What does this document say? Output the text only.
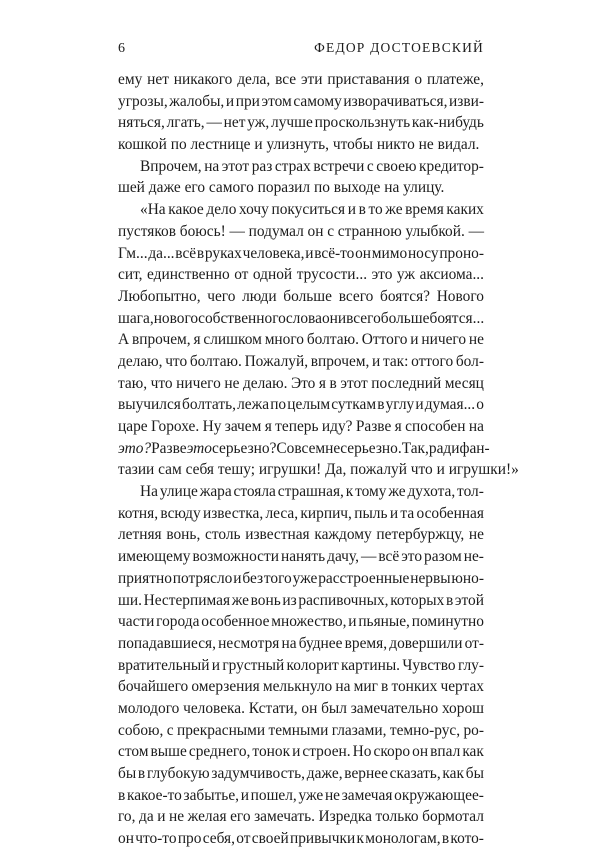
6	ФЕДОР ДОСТОЕВСКИЙ
ему нет никакого дела, все эти приставания о платеже,
угрозы, жалобы, и при этом самому изворачиваться, изви-
няться, лгать, — нет уж, лучше проскользнуть как-нибудь
кошкой по лестнице и улизнуть, чтобы никто не видал.
Впрочем, на этот раз страх встречи с своею кредитор-
шей даже его самого поразил по выходе на улицу.
«На какое дело хочу покуситься и в то же время каких
пустяков боюсь! — подумал он с странною улыбкой. —
Гм... да... всё в руках человека, и всё-то он мимо носу проно-
сит, единственно от одной трусости... это уж аксиома...
Любопытно, чего люди больше всего боятся? Нового
шага, нового собственного слова они всего больше боятся...
А впрочем, я слишком много болтаю. Оттого и ничего не
делаю, что болтаю. Пожалуй, впрочем, и так: оттого бол-
таю, что ничего не делаю. Это я в этот последний месяц
выучился болтать, лежа по целым суткам в углу и думая... о
царе Горохе. Ну зачем я теперь иду? Разве я способен на
это? Разве это серьезно? Совсем не серьезно. Так, ради фан-
тазии сам себя тешу; игрушки! Да, пожалуй что и игрушки!»
На улице жара стояла страшная, к тому же духота, тол-
котня, всюду известка, леса, кирпич, пыль и та особенная
летняя вонь, столь известная каждому петербуржцу, не
имеющему возможности нанять дачу, — всё это разом не-
приятно потрясло и без того уже расстроенные нервы юно-
ши. Нестерпимая же вонь из распивочных, которых в этой
части города особенное множество, и пьяные, поминутно
попадавшиеся, несмотря на буднее время, довершили от-
вратительный и грустный колорит картины. Чувство глу-
бочайшего омерзения мелькнуло на миг в тонких чертах
молодого человека. Кстати, он был замечательно хорош
собою, с прекрасными темными глазами, темно-рус, ро-
стом выше среднего, тонок и строен. Но скоро он впал как
бы в глубокую задумчивость, даже, вернее сказать, как бы
в какое-то забытье, и пошел, уже не замечая окружающее-
го, да и не желая его замечать. Изредка только бормотал
он что-то про себя, от своей привычки к монологам, в кото-
